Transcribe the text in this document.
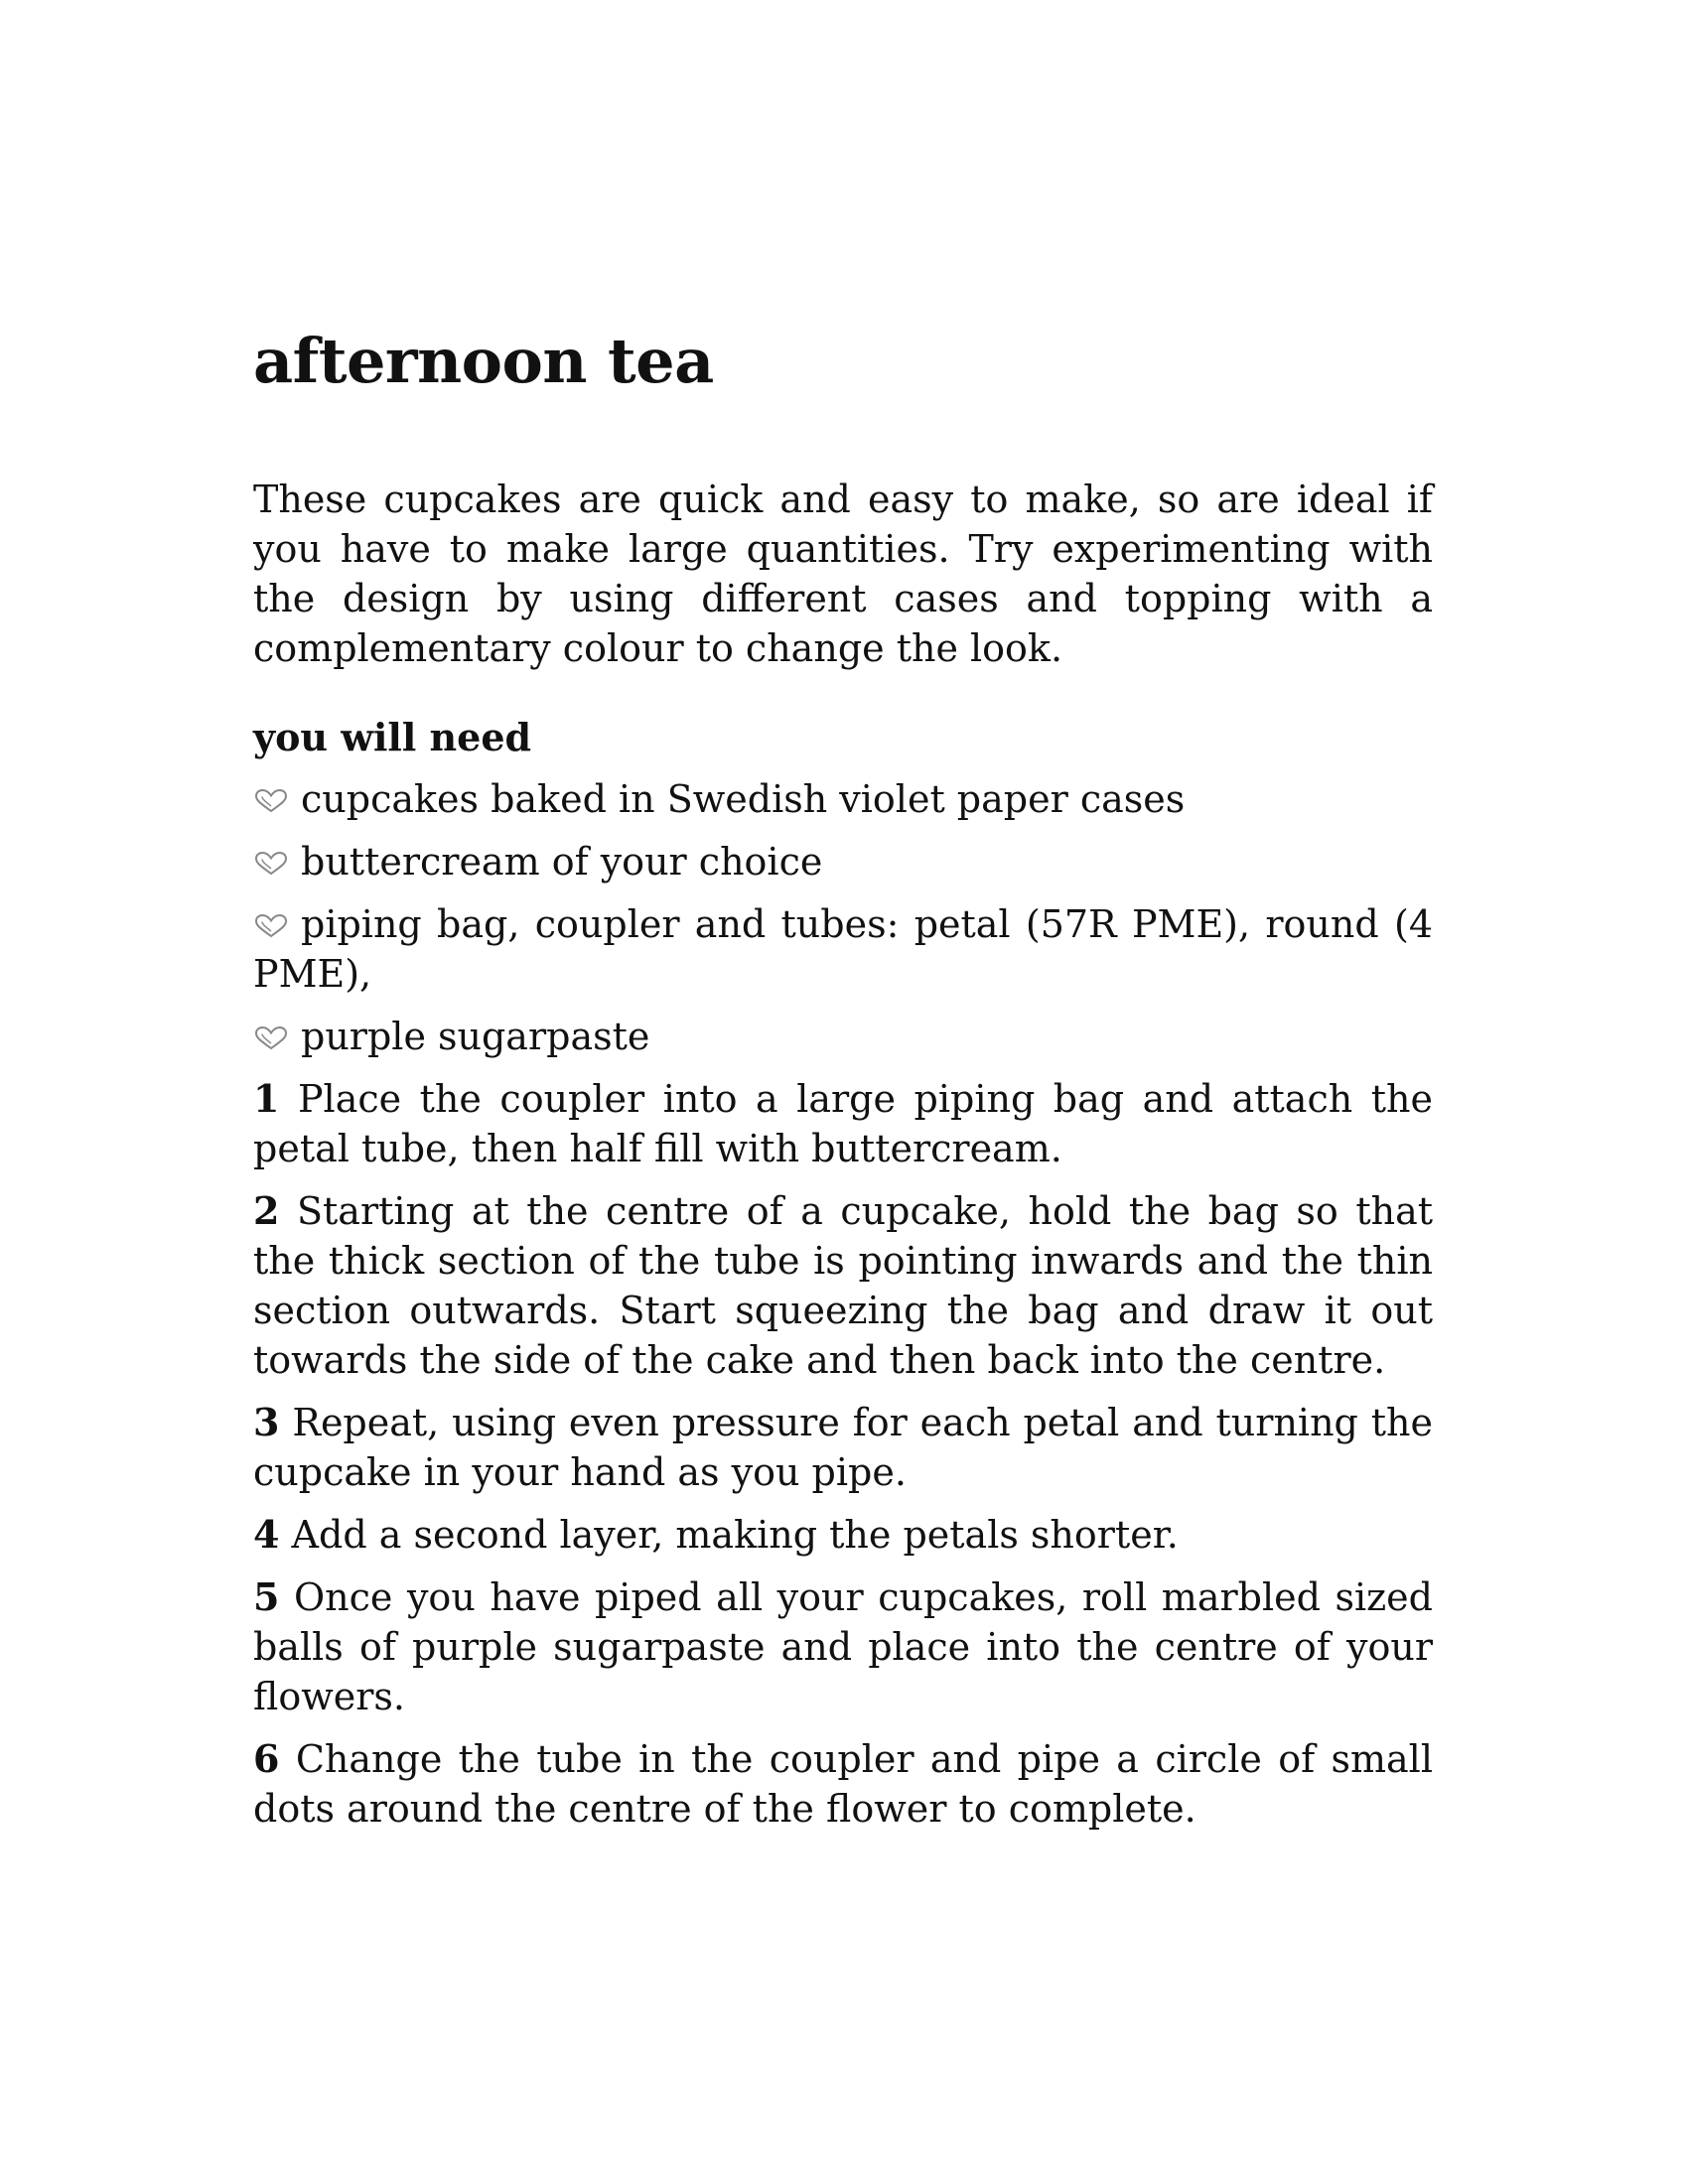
afternoon tea

These cupcakes are quick and easy to make, so are ideal if you have to make large quantities. Try experimenting with the design by using different cases and topping with a complementary colour to change the look.

you will need
cupcakes baked in Swedish violet paper cases
buttercream of your choice
piping bag, coupler and tubes: petal (57R PME), round (4 PME),
purple sugarpaste

1 Place the coupler into a large piping bag and attach the petal tube, then half fill with buttercream.

2 Starting at the centre of a cupcake, hold the bag so that the thick section of the tube is pointing inwards and the thin section outwards. Start squeezing the bag and draw it out towards the side of the cake and then back into the centre.

3 Repeat, using even pressure for each petal and turning the cupcake in your hand as you pipe.

4 Add a second layer, making the petals shorter.

5 Once you have piped all your cupcakes, roll marbled sized balls of purple sugarpaste and place into the centre of your flowers.

6 Change the tube in the coupler and pipe a circle of small dots around the centre of the flower to complete.
